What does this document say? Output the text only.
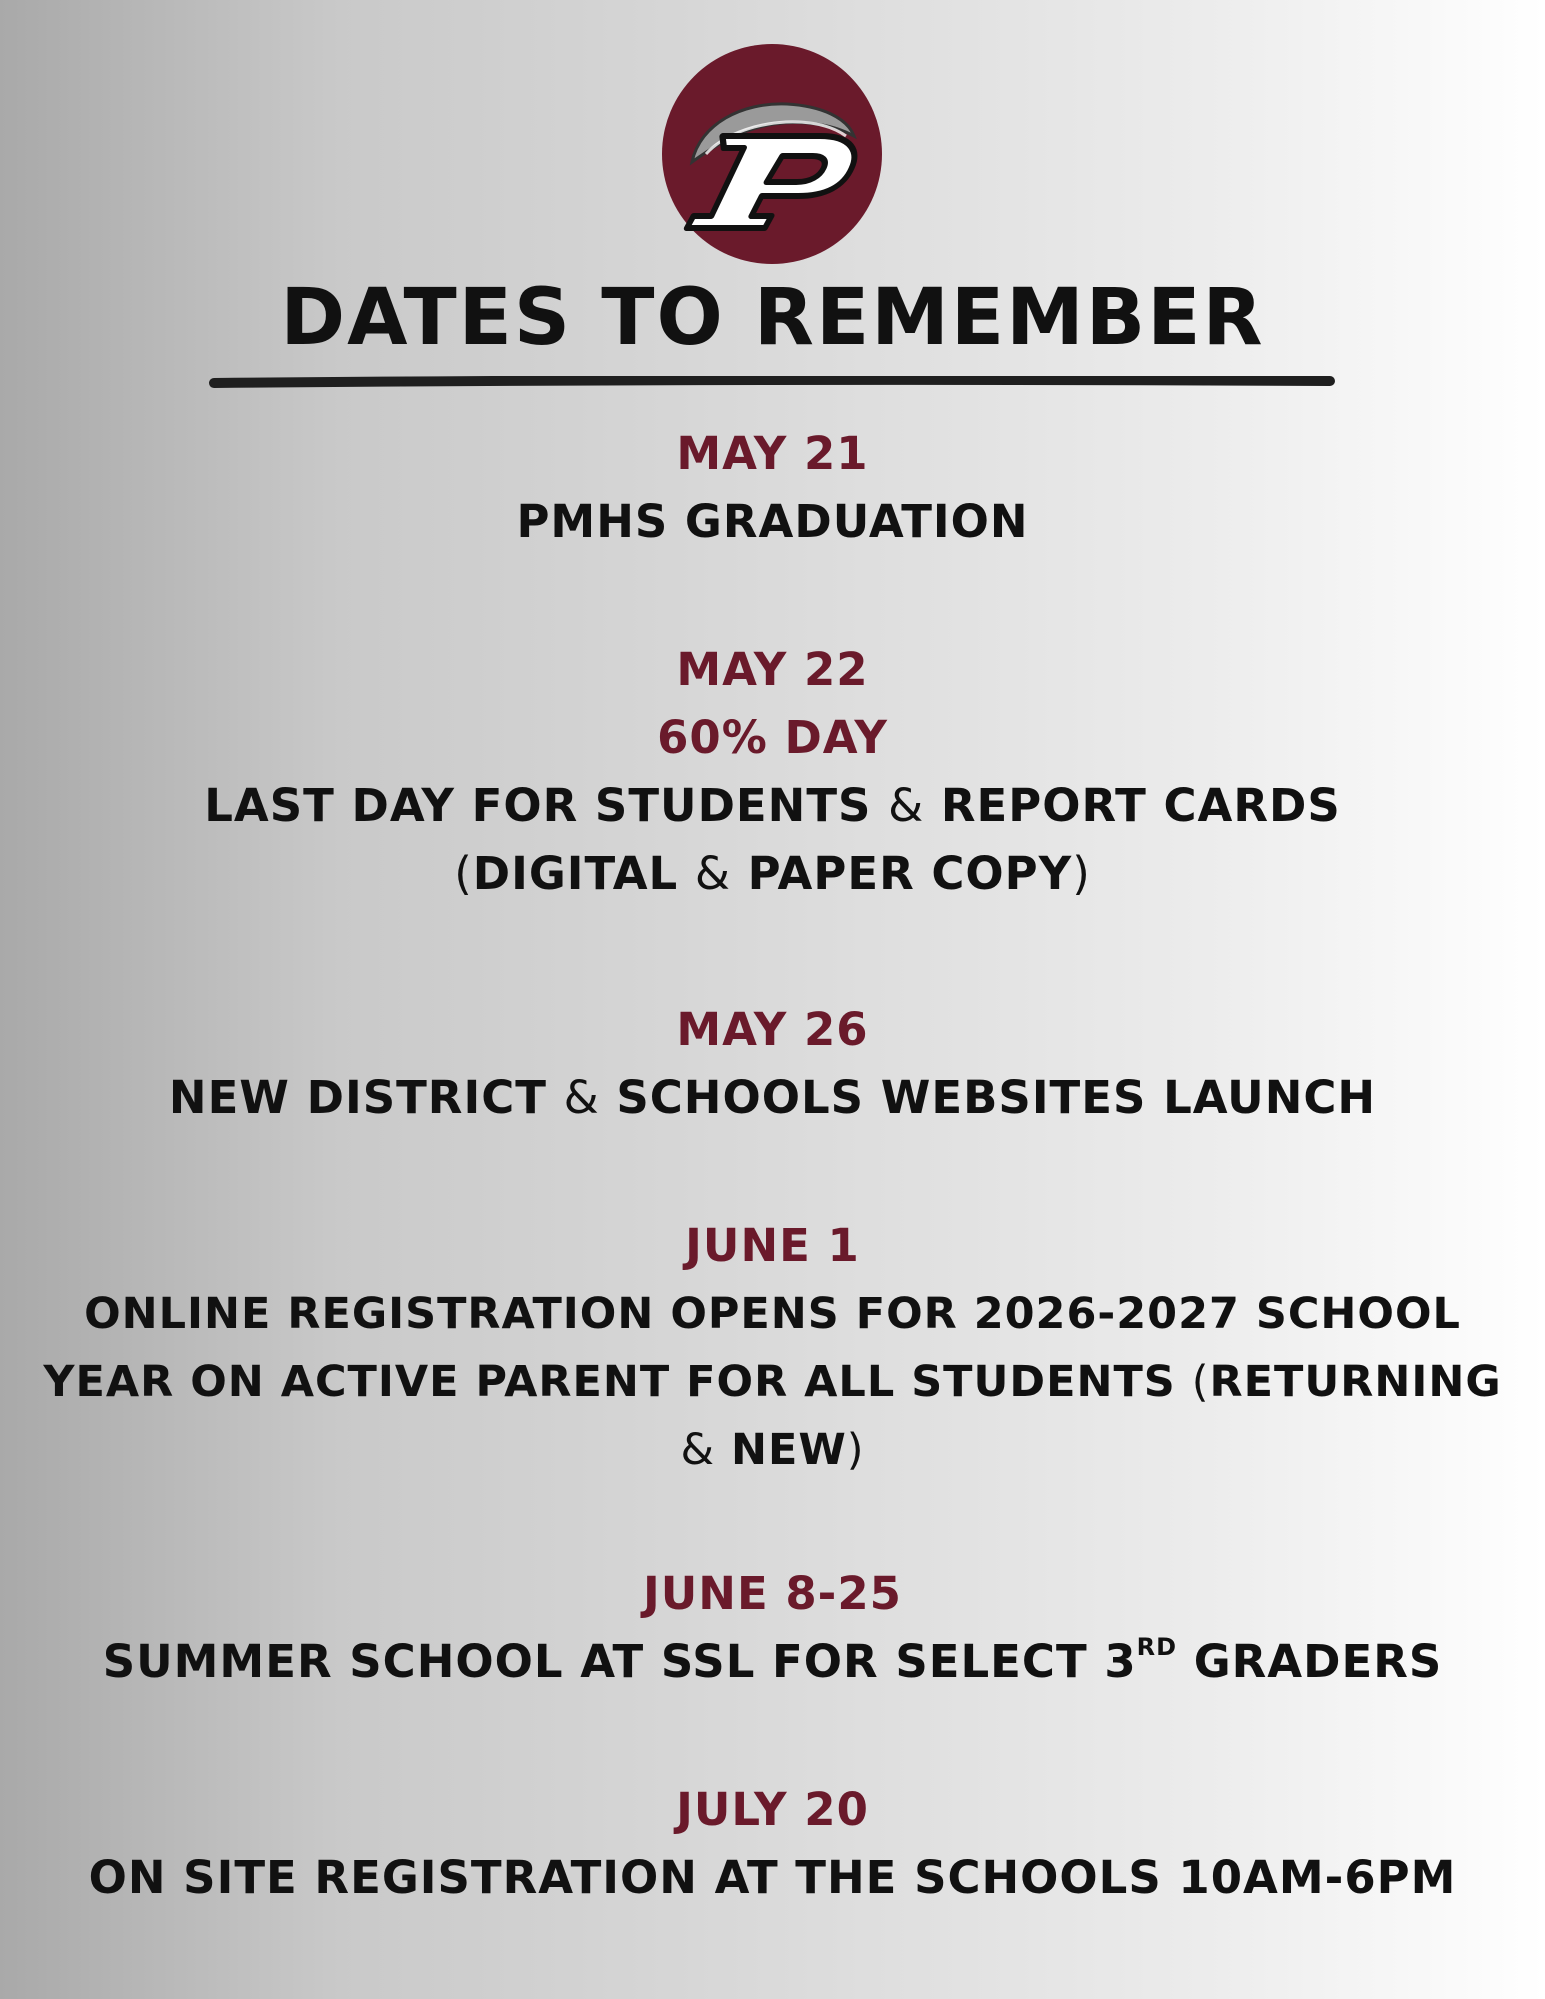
DATES TO REMEMBER
MAY 21
PMHS GRADUATION
MAY 22
60% DAY
LAST DAY FOR STUDENTS & REPORT CARDS
(DIGITAL & PAPER COPY)
MAY 26
NEW DISTRICT & SCHOOLS WEBSITES LAUNCH
JUNE 1
ONLINE REGISTRATION OPENS FOR 2026-2027 SCHOOL
YEAR ON ACTIVE PARENT FOR ALL STUDENTS (RETURNING
& NEW)
JUNE 8-25
SUMMER SCHOOL AT SSL FOR SELECT 3RD GRADERS
JULY 20
ON SITE REGISTRATION AT THE SCHOOLS 10AM-6PM
